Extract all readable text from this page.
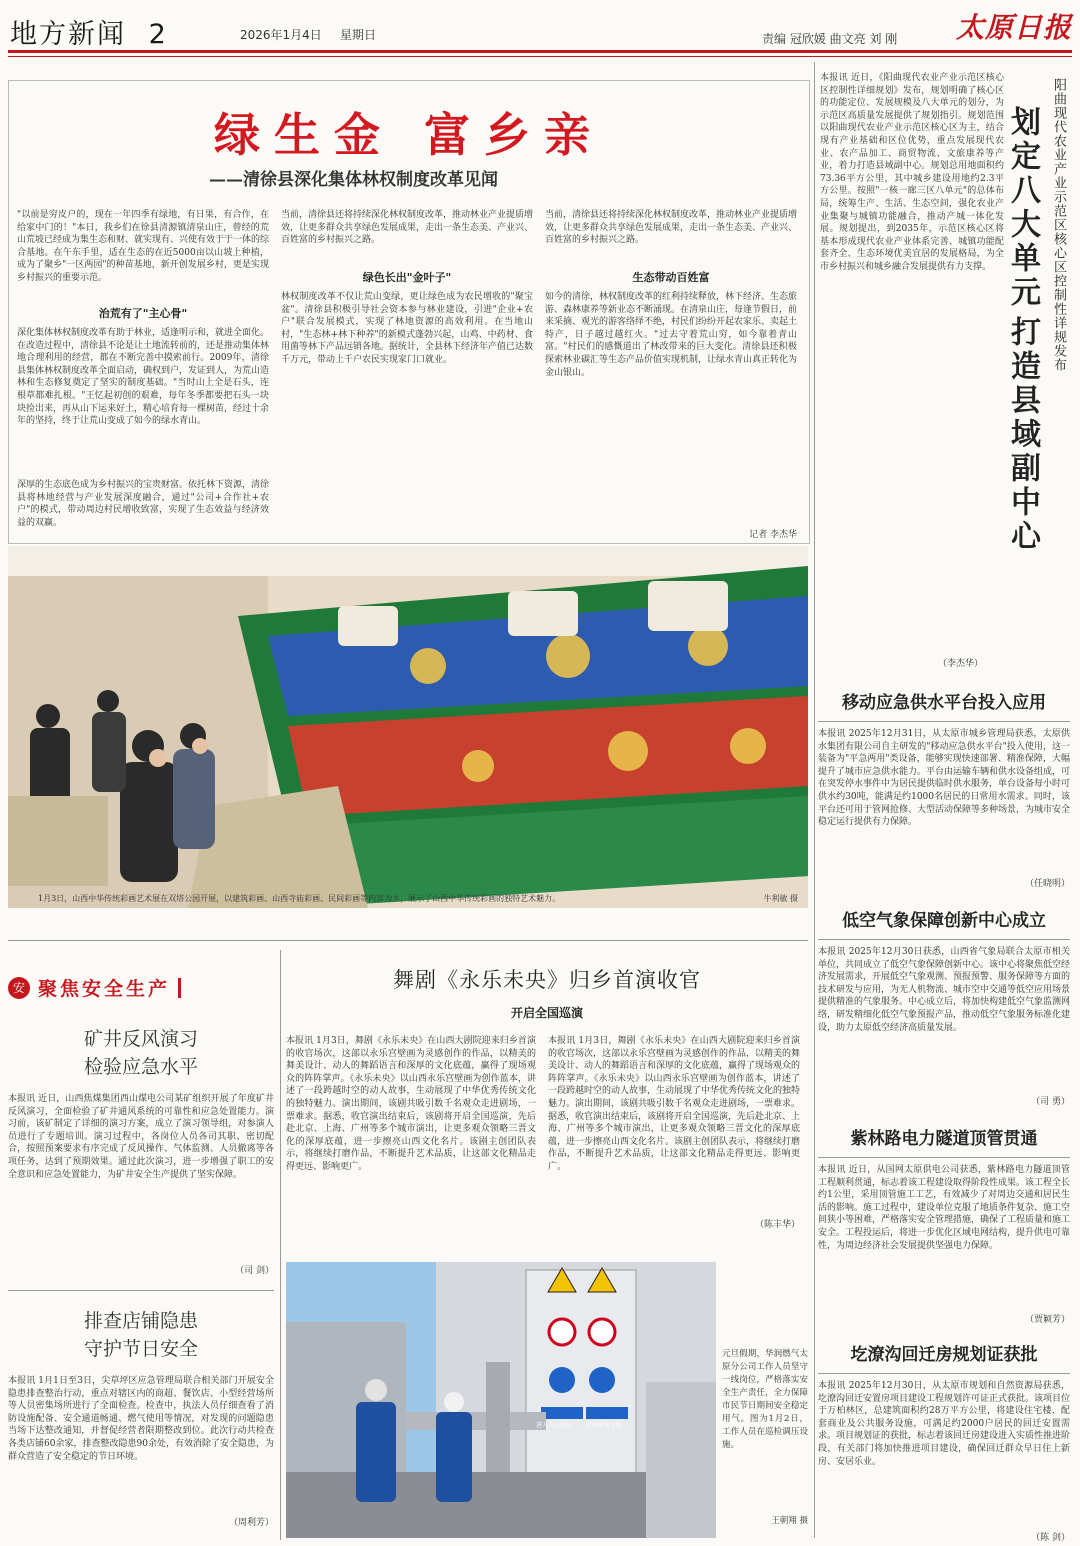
地方新闻 2	2026年1月4日 星期日	责编 冠欣媛 曲文亮 刘 刚 太原日报
绿生金 富乡亲
——清徐县深化集体林权制度改革见闻

"以前是穷皮户的，现在一年四季有绿地，有日果，有合作，在给家中门的！"本日，我乡们在徐县清源镇清泉山庄，曾经的荒山荒坡已经成为集生态和财、就实现有、兴使有效于于一体的综合基地。在午东手里，适在生态的在近5000亩以山坡上种植，成为了聚乡"一区两园"的种苗基地，新开创发展乡村，更是实现乡村振兴的重要示范。

治荒有了"主心骨"

深化集体林权制度改革有助于林业，适逢明示和，就进全面化。在改造过程中，清徐县不论是让土地流转前的，还是推动集体林地合理利用的经营，都在不断完善中摸索前行。2009年，清徐县集体林权制度改革全面启动，确权到户，发证到人，为荒山造林和生态修复奠定了坚实的制度基础。"当时山上全是石头，连根草都难扎根。"王忆起初创的艰难，每年冬季都要把石头一块块捡出来，再从山下运来好土，精心培育每一棵树苗，经过十余年的坚持，终于让荒山变成了如今的绿水青山。

深厚的生态底色成为乡村振兴的宝贵财富。依托林下资源，清徐县将林地经营与产业发展深度融合，通过"公司+合作社+农户"的模式，带动周边村民增收致富，实现了生态效益与经济效益的双赢。

当前，清徐县还将持续深化林权制度改革，推动林业产业提质增效，让更多群众共享绿色发展成果，走出一条生态美、产业兴、百姓富的乡村振兴之路。

绿色长出"金叶子"

林权制度改革不仅让荒山变绿，更让绿色成为农民增收的"聚宝盆"。清徐县积极引导社会资本参与林业建设，引进"企业+农户"联合发展模式，实现了林地资源的高效利用。在当地山村，"生态林+林下种养"的新模式蓬勃兴起，山鸡、中药材、食用菌等林下产品远销各地。据统计，全县林下经济年产值已达数千万元，带动上千户农民实现家门口就业。

当前，清徐县还将持续深化林权制度改革，推动林业产业提质增效，让更多群众共享绿色发展成果，走出一条生态美、产业兴、百姓富的乡村振兴之路。

生态带动百姓富

如今的清徐，林权制度改革的红利持续释放，林下经济、生态旅游、森林康养等新业态不断涌现。在清泉山庄，每逢节假日，前来采摘、观光的游客络绎不绝，村民们纷纷开起农家乐、卖起土特产，日子越过越红火。"过去守着荒山穷，如今靠着青山富。"村民们的感慨道出了林改带来的巨大变化。清徐县还积极探索林业碳汇等生态产品价值实现机制，让绿水青山真正转化为金山银山。

记者 李杰华
1月3日，山西中华传统彩画艺术展在双塔公园开展，以建筑彩画、山西寺庙彩画、民间彩画等内容为主，展示了山西中华传统彩画的独特艺术魅力。	牛利敏 摄
阳曲现代农业产业示范区核心区控制性详规发布
划定八大单元
打造县域副中心

本报讯 近日，《阳曲现代农业产业示范区核心区控制性详细规划》发布，规划明确了核心区的功能定位、发展规模及八大单元的划分，为示范区高质量发展提供了规划指引。规划范围以阳曲现代农业产业示范区核心区为主，结合现有产业基础和区位优势，重点发展现代农业、农产品加工、商贸物流、文旅康养等产业，着力打造县域副中心。规划总用地面积约73.36平方公里，其中城乡建设用地约2.3平方公里。按照"一核一廊三区八单元"的总体布局，统筹生产、生活、生态空间，强化农业产业集聚与城镇功能融合，推动产城一体化发展。规划提出，到2035年，示范区核心区将基本形成现代农业产业体系完善、城镇功能配套齐全、生态环境优美宜居的发展格局，为全市乡村振兴和城乡融合发展提供有力支撑。

（李杰华）
移动应急供水平台投入应用

本报讯 2025年12月31日，从太原市城乡管理局获悉，太原供水集团有限公司自主研发的"移动应急供水平台"投入使用，这一装备为"平急两用"类设备，能够实现快速部署、精准保障，大幅提升了城市应急供水能力。平台由运输车辆和供水设备组成，可在突发停水事件中为居民提供临时供水服务，单台设备每小时可供水约30吨，能满足约1000名居民的日常用水需求。同时，该平台还可用于管网抢修、大型活动保障等多种场景，为城市安全稳定运行提供有力保障。

（任晓明）
低空气象保障创新中心成立

本报讯 2025年12月30日获悉，山西省气象局联合太原市相关单位，共同成立了低空气象保障创新中心。该中心将聚焦低空经济发展需求，开展低空气象观测、预报预警、服务保障等方面的技术研发与应用，为无人机物流、城市空中交通等低空应用场景提供精准的气象服务。中心成立后，将加快构建低空气象监测网络，研发精细化低空气象预报产品，推动低空气象服务标准化建设，助力太原低空经济高质量发展。

（司 勇）
紫林路电力隧道顶管贯通

本报讯 近日，从国网太原供电公司获悉，紫林路电力隧道顶管工程顺利贯通，标志着该工程建设取得阶段性成果。该工程全长约1公里，采用顶管施工工艺，有效减少了对周边交通和居民生活的影响。施工过程中，建设单位克服了地质条件复杂、施工空间狭小等困难，严格落实安全管理措施，确保了工程质量和施工安全。工程投运后，将进一步优化区域电网结构，提升供电可靠性，为周边经济社会发展提供坚强电力保障。

（贾颖芳）
圪潦沟回迁房规划证获批

本报讯 2025年12月30日，从太原市规划和自然资源局获悉，圪潦沟回迁安置房项目建设工程规划许可证正式获批。该项目位于万柏林区，总建筑面积约28万平方公里，将建设住宅楼、配套商业及公共服务设施，可满足约2000户居民的回迁安置需求。项目规划证的获批，标志着该回迁房建设进入实质性推进阶段，有关部门将加快推进项目建设，确保回迁群众早日住上新房、安居乐业。

（陈 剑）
安 聚焦安全生产
矿井反风演习
检验应急水平

本报讯 近日，山西焦煤集团西山煤电公司某矿组织开展了年度矿井反风演习，全面检验了矿井通风系统的可靠性和应急处置能力。演习前，该矿制定了详细的演习方案，成立了演习领导组，对参演人员进行了专题培训。演习过程中，各岗位人员各司其职、密切配合，按照预案要求有序完成了反风操作、气体监测、人员撤离等各项任务，达到了预期效果。通过此次演习，进一步增强了职工的安全意识和应急处置能力，为矿井安全生产提供了坚实保障。

（司 剑）
排查店铺隐患
守护节日安全

本报讯 1月1日至3日，尖草坪区应急管理局联合相关部门开展安全隐患排查整治行动，重点对辖区内的商超、餐饮店、小型经营场所等人员密集场所进行了全面检查。检查中，执法人员仔细查看了消防设施配备、安全通道畅通、燃气使用等情况，对发现的问题隐患当场下达整改通知，并督促经营者限期整改到位。此次行动共检查各类店铺60余家，排查整改隐患90余处，有效消除了安全隐患，为群众营造了安全稳定的节日环境。

（周利芳）
舞剧《永乐未央》归乡首演收官
开启全国巡演

本报讯 1月3日，舞剧《永乐未央》在山西大剧院迎来归乡首演的收官场次，这部以永乐宫壁画为灵感创作的作品，以精美的舞美设计、动人的舞蹈语言和深厚的文化底蕴，赢得了现场观众的阵阵掌声。《永乐未央》以山西永乐宫壁画为创作蓝本，讲述了一段跨越时空的动人故事，生动展现了中华优秀传统文化的独特魅力。演出期间，该剧共吸引数千名观众走进剧场，一票难求。据悉，收官演出结束后，该剧将开启全国巡演，先后赴北京、上海、广州等多个城市演出，让更多观众领略三晋文化的深厚底蕴，进一步擦亮山西文化名片。该剧主创团队表示，将继续打磨作品，不断提升艺术品质，让这部文化精品走得更远、影响更广。

本报讯 1月3日，舞剧《永乐未央》在山西大剧院迎来归乡首演的收官场次，这部以永乐宫壁画为灵感创作的作品，以精美的舞美设计、动人的舞蹈语言和深厚的文化底蕴，赢得了现场观众的阵阵掌声。《永乐未央》以山西永乐宫壁画为创作蓝本，讲述了一段跨越时空的动人故事，生动展现了中华优秀传统文化的独特魅力。演出期间，该剧共吸引数千名观众走进剧场，一票难求。据悉，收官演出结束后，该剧将开启全国巡演，先后赴北京、上海、广州等多个城市演出，让更多观众领略三晋文化的深厚底蕴，进一步擦亮山西文化名片。该剧主创团队表示，将继续打磨作品，不断提升艺术品质，让这部文化精品走得更远、影响更广。

（陈丰华）
进入人员登记 必须戴安全帽

元旦假期，华润燃气太原分公司工作人员坚守一线岗位，严格落实安全生产责任，全力保障市民节日期间安全稳定用气。图为1月2日，工作人员在巡检调压设施。

王朝翔 摄
